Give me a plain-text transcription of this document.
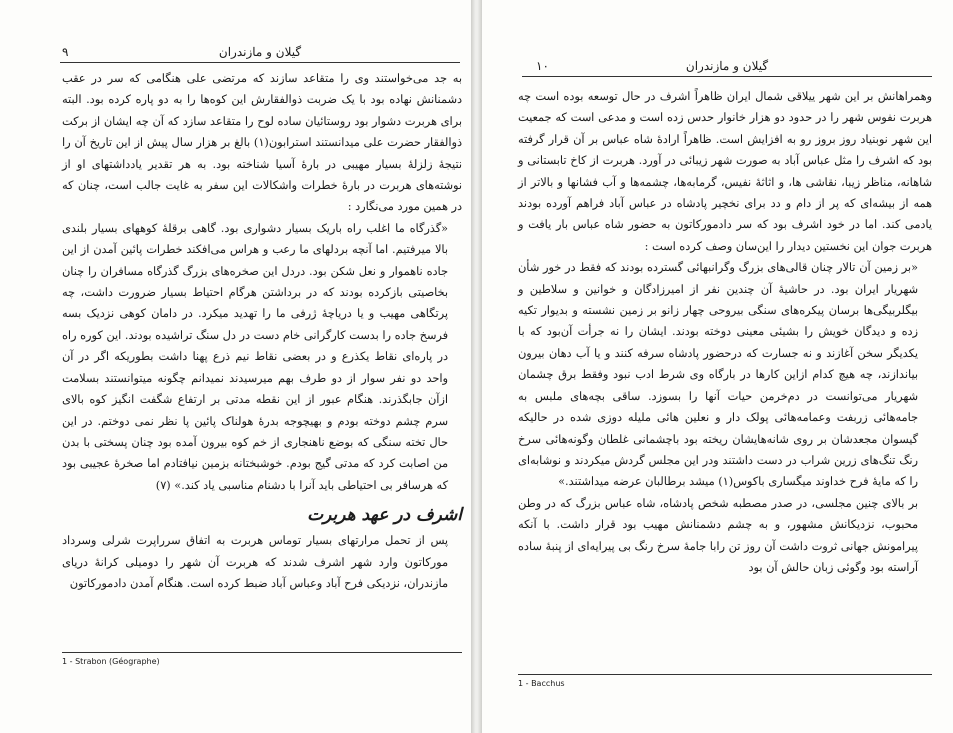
۹	گیلان و مازندران

به جد می‌خواستند وی را متقاعد سازند که مرتضی علی هنگامی که سر در عقب دشمنانش نهاده بود با یک ضربت ذوالفقارش این کوه‌ها را به دو پاره کرده بود. البته برای هربرت دشوار بود روستائیان ساده لوح را متقاعد سازد که آن چه ایشان از برکت ذوالفقار حضرت علی میدانستند استرابون(۱) بالغ بر هزار سال پیش از این تاریخ آن را نتیجهٔ زلزلهٔ بسیار مهیبی در بارهٔ آسیا شناخته بود. به هر تقدیر یادداشتهای او از نوشته‌های هربرت در بارهٔ خطرات واشکالات این سفر به غایت جالب است، چنان که در همین مورد می‌نگارد :

«گذرگاه ما اغلب راه باریک بسیار دشواری بود. گاهی برقلهٔ کوههای بسیار بلندی بالا میرفتیم. اما آنچه بردلهای ما رعب و هراس می‌افکند خطرات پائین آمدن از این جاده ناهموار و نعل شکن بود. دردل این صخره‌های بزرگ گذرگاه مسافران را چنان بخاصیتی بازکرده بودند که در برداشتن هرگام احتیاط بسیار ضرورت داشت، چه پرتگاهی مهیب و یا دریاچهٔ ژرفی ما را تهدید میکرد. در دامان کوهی نزدیک بسه فرسخ جاده را بدست کارگرانی خام دست در دل سنگ تراشیده بودند. این کوره راه در پاره‌ای نقاط یکذرع و در بعضی نقاط نیم ذرع پهنا داشت بطوریکه اگر در آن واحد دو نفر سوار از دو طرف بهم میرسیدند نمیدانم چگونه میتوانستند بسلامت ازآن جابگذرند. هنگام عبور از این نقطه مدتی بر ارتفاع شگفت انگیز کوه بالای سرم چشم دوخته بودم و بهیچوجه بدرهٔ هولناک پائین پا نظر نمی دوختم. در این حال تخته سنگی که بوضع ناهنجاری از خم کوه بیرون آمده بود چنان پسختی با بدن من اصابت کرد که مدتی گیج بودم. خوشبختانه بزمین نیافتادم اما صخرهٔ عجیبی بود که هرسافر بی احتیاطی باید آنرا با دشنام مناسبی یاد کند.» (۷)

اشرف در عهد هربرت

پس از تحمل مرارتهای بسیار توماس هربرت به اتفاق سرراپرت شرلی وسرداد مورکاتون وارد شهر اشرف شدند که هربرت آن شهر را دومیلی کرانهٔ دریای مازندران، نزدیکی فرح آباد وعباس آباد ضبط کرده است. هنگام آمدن دادمورکاتون

1 - Strabon (Géographe)
۱۰	گیلان و مازندران

وهمراهانش بر این شهر ییلاقی شمال ایران ظاهراً اشرف در حال توسعه بوده است چه هربرت نفوس شهر را در حدود دو هزار خانوار حدس زده است و مدعی است که جمعیت این شهر نوبنیاد روز بروز رو به افزایش است. ظاهراً ارادهٔ شاه عباس بر آن قرار گرفته بود که اشرف را مثل عباس آباد به صورت شهر زیبائی در آورد. هربرت از کاخ تابستانی و شاهانه، مناظر زیبا، نقاشی ها، و اثاثهٔ نفیس، گرمابه‌ها، چشمه‌ها و آب فشانها و بالاتر از همه از بیشه‌ای که پر از دام و دد برای نخچیر پادشاه در عباس آباد فراهم آورده بودند یادمی کند. اما در خود اشرف بود که سر دادمورکاتون به حضور شاه عباس بار یافت و هربرت جوان این نخستین دیدار را این‌سان وصف کرده است :

«بر زمین آن تالار چنان قالی‌های بزرگ وگرانبهائی گسترده بودند که فقط در خور شأن شهریار ایران بود. در حاشیهٔ آن چندین نفر از امیرزادگان و خوانین و سلاطین و بیگلربیگی‌ها برسان پیکره‌های سنگی بیروحی چهار زانو بر زمین نشسته و بدیوار تکیه زده و دیدگان خویش را بشیئی معینی دوخته بودند. ایشان را نه جرأت آن‌بود که با یکدیگر سخن آغازند و نه جسارت که درحضور پادشاه سرفه کنند و یا آب دهان بیرون بیاندازند، چه هیچ کدام ازاین کارها در بارگاه وی شرط ادب نبود وفقط برق چشمان شهریار می‌توانست در دم‌خرمن حیات آنها را بسوزد. ساقی بچه‌های ملبس به جامه‌هائی زربفت وعمامه‌هائی پولک دار و نعلین هائی ملیله دوزی شده در حالیکه گیسوان مجعدشان بر روی شانه‌هایشان ریخته بود باچشمانی غلطان وگونه‌هائی سرخ رنگ تنگ‌های زرین شراب در دست داشتند ودر این مجلس گردش میکردند و نوشابه‌ای را که مایهٔ فرح خداوند میگساری باکوس(۱) میشد برطالبان عرضه میداشتند.»

بر بالای چنین مجلسی، در صدر مصطبه شخص پادشاه، شاه عباس بزرگ که در وطن محبوب، نزدیکانش مشهور، و به چشم دشمنانش مهیب بود قرار داشت. با آنکه پیرامونش جهانی ثروت داشت آن روز تن رابا جامهٔ سرخ رنگ بی پیرایه‌ای از پنبهٔ ساده آراسته بود وگوئی زبان حالش آن بود

1 - Bacchus
